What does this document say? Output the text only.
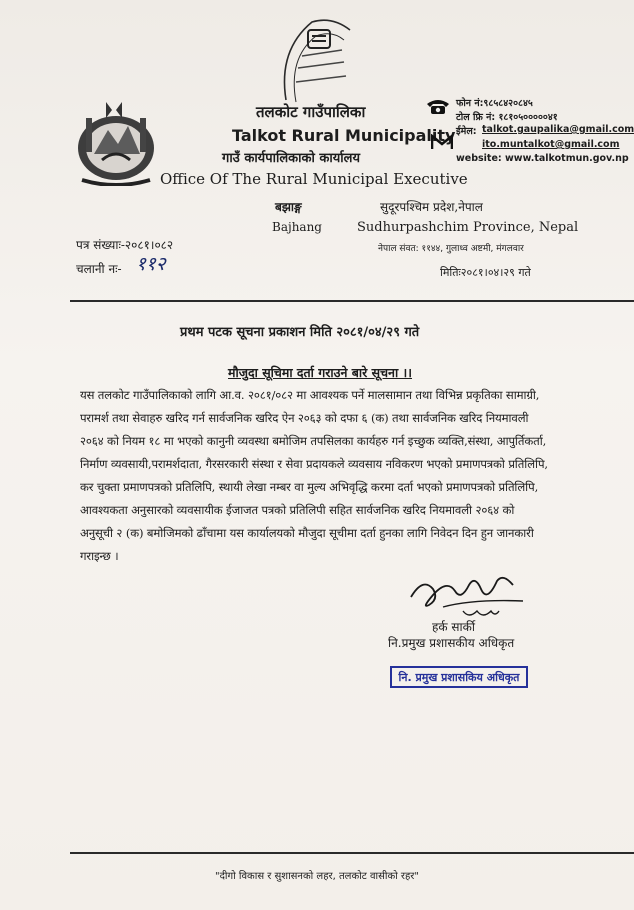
तलकोट गाउँपालिका
Talkot Rural Municipality
गाउँ कार्यपालिकाको कार्यालय
Office Of The Rural Municipal Executive
बझाङ्ग
Bajhang
सुदूरपश्चिम प्रदेश,नेपाल
Sudhurpashchim Province, Nepal
फोन नं:९८५८४२०८४५
टोल फ्रि नं: १८१०५०००००४१
ईमेल: talkot.gaupalika@gmail.com
ito.muntalkot@gmail.com
website: www.talkotmun.gov.np
नेपाल संवत: ११४४, गुलाध्व अष्टमी, मंगलवार
पत्र संख्याः-२०८१।०८२
चलानी नः- ११२	मितिः२०८१।०४।२९ गते
प्रथम पटक सूचना प्रकाशन मिति २०८१/०४/२९ गते
मौजुदा सूचिमा दर्ता गराउने बारे सूचना ।।
यस तलकोट गाउँपालिकाको लागि आ.व. २०८१/०८२ मा आवश्यक पर्ने मालसामान तथा विभिन्न प्रकृतिका सामाग्री,
परामर्श तथा सेवाहरु खरिद गर्न सार्वजनिक खरिद ऐन २०६३ को दफा ६ (क) तथा सार्वजनिक खरिद नियमावली
२०६४ को नियम १८ मा भएको कानुनी व्यवस्था बमोजिम तपसिलका कार्यहरु गर्न इच्छुक व्यक्ति,संस्था, आपुर्तिकर्ता,
निर्माण व्यवसायी,परामर्शदाता, गैरसरकारी संस्था र सेवा प्रदायकले व्यवसाय नविकरण भएको प्रमाणपत्रको प्रतिलिपि,
कर चुक्ता प्रमाणपत्रको प्रतिलिपि, स्थायी लेखा नम्बर वा मुल्य अभिवृद्धि करमा दर्ता भएको प्रमाणपत्रको प्रतिलिपि,
आवश्यकता अनुसारको व्यवसायीक ईजाजत पत्रको प्रतिलिपी सहित सार्वजनिक खरिद नियमावली २०६४ को
अनुसूची २ (क) बमोजिमको ढाँचामा यस कार्यालयको मौजुदा सूचीमा दर्ता हुनका लागि निवेदन दिन हुन जानकारी
गराइन्छ ।
हर्क सार्की
नि.प्रमुख प्रशासकीय अधिकृत
नि. प्रमुख प्रशासकिय अधिकृत
"दीगो विकास र सुशासनको लहर, तलकोट वासीको रहर"
